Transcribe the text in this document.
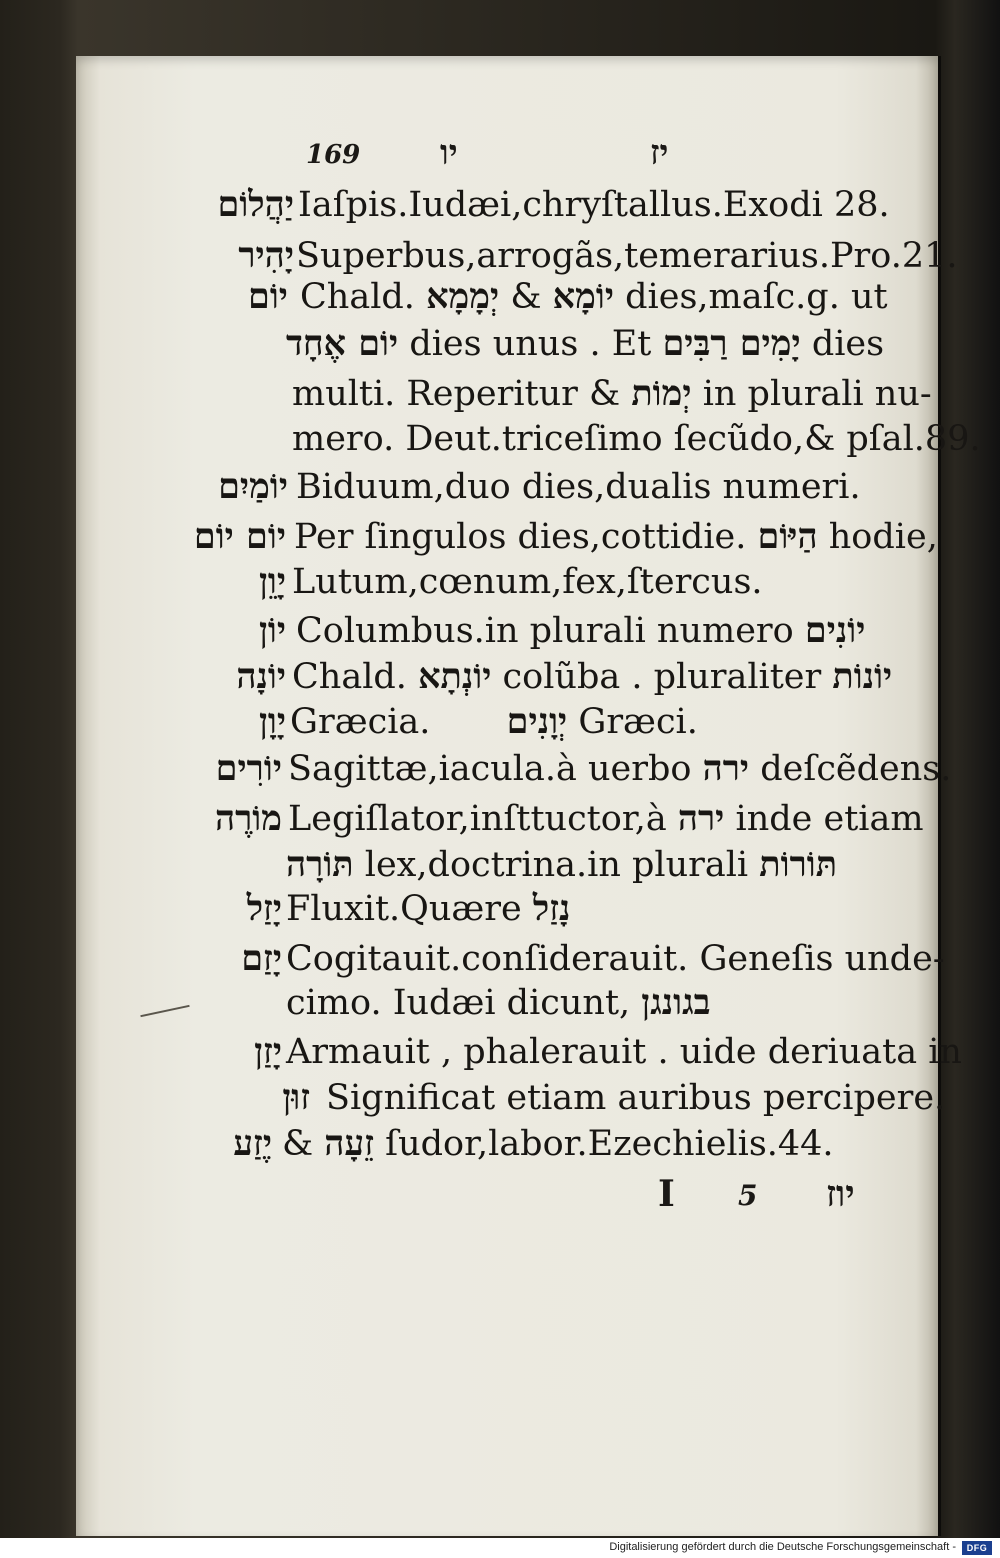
169 יו	יז
יַהֲלוֹם Iaſpis.Iudæi,chryſtallus.Exodi 28.
יָהִיר Superbus,arrogãs,temerarius.Pro.21.
יוֹם Chald.	יוֹמָא & יְמָמָא	dies,maſc.g. ut
יוֹם אֶחָד dies unus . Et יָמִים רַבִּים dies
multi. Reperitur & יְמוֹת in plurali nu-
mero. Deut.triceſimo ſecũdo,& pſal.89.
יוֹמַיִם Biduum,duo dies,dualis numeri.
יוֹם יוֹם Per ſingulos dies,cottidie. הַיּוֹם hodie,
יָוֵן Lutum,cœnum,fex,ſtercus.
יוֹן Columbus.in plurali numero יוֹנִים
יוֹנָה Chald. יוֹנְתָא colũba . pluraliter יוֹנוֹת
יָוָן Græcia. יְוָנִים Græci.
יוֹרִים Sagittæ,iacula.à uerbo ירה deſcẽdens.
מוֹרֶה Legiſlator,inſttuctor,à ירה inde etiam
תּוֹרָה lex,doctrina.in plurali תּוֹרוֹת
יָזַל Fluxit.Quære נָזַל
יָזַם Cogitauit.conſiderauit. Geneſis unde-
cimo. Iudæi dicunt, בגונגן
יָזַן Armauit , phalerauit . uide deriuata in
זוּן Significat etiam auribus percipere.
יֶזַע & זֵעָה ſudor,labor.Ezechielis.44.
I 5 יוז
Digitalisierung gefördert durch die Deutsche Forschungsgemeinschaft -	DFG
